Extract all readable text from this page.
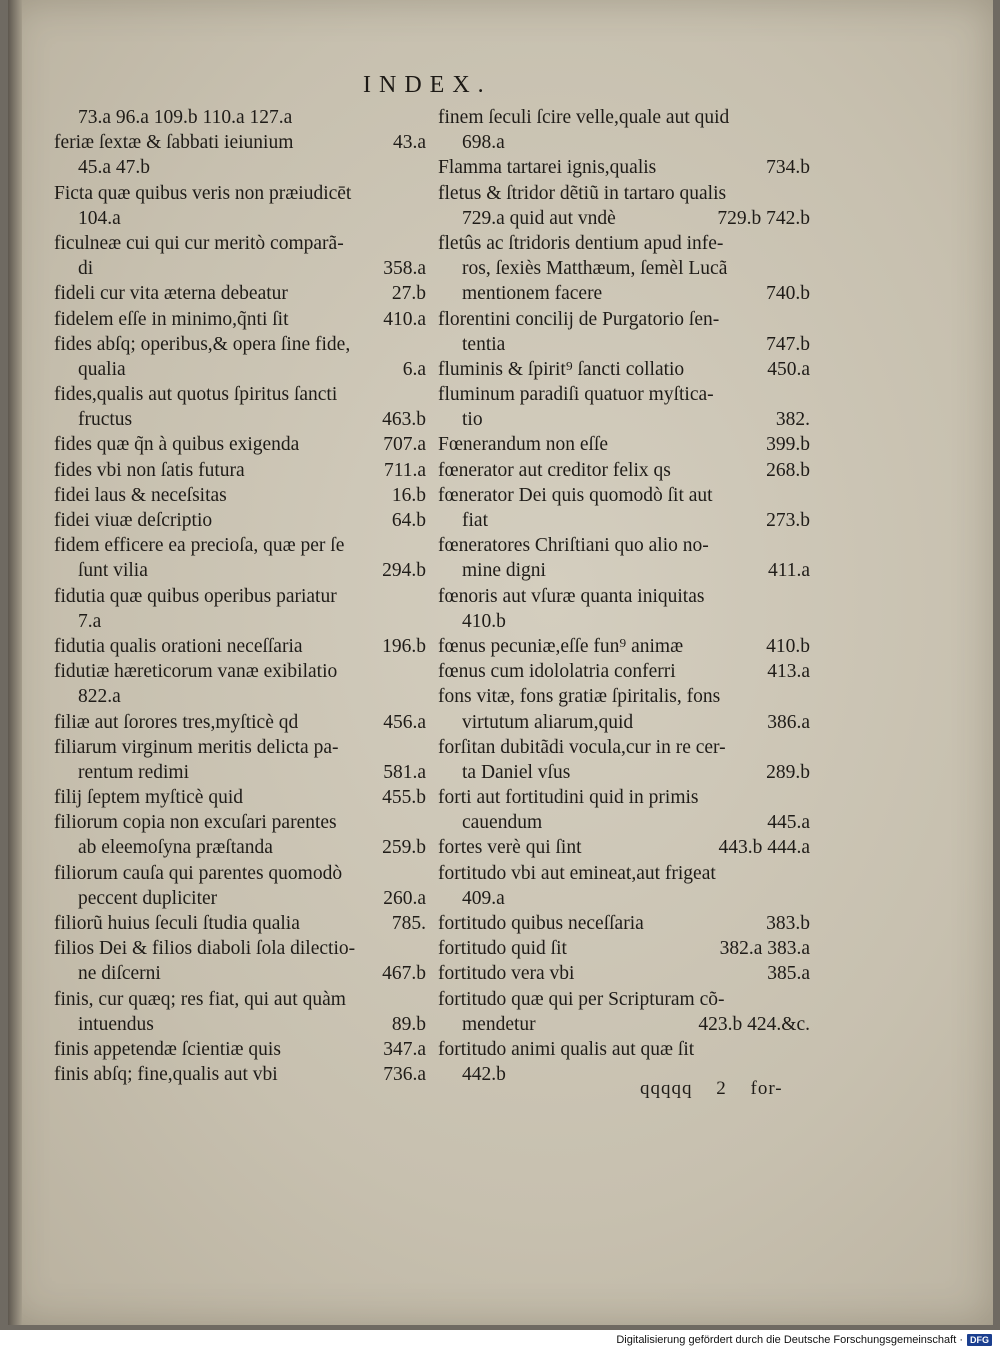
INDEX.
73.a 96.a 109.b 110.a 127.a
feriæ ſextæ & ſabbati ieiunium	43.a
45.a 47.b
Ficta quæ quibus veris non præiudicēt
104.a
ficulneæ cui qui cur meritò comparã-
di	358.a
fideli cur vita æterna debeatur	27.b
fidelem eſſe in minimo,q̃nti ſit	410.a
fides abſq; operibus,& opera ſine fide,
qualia	6.a
fides,qualis aut quotus ſpiritus ſancti
fructus	463.b
fides quæ q̃n à quibus exigenda	707.a
fides vbi non ſatis futura	711.a
fidei laus & neceſsitas	16.b
fidei viuæ deſcriptio	64.b
fidem efficere ea precioſa, quæ per ſe
ſunt vilia	294.b
fidutia quæ quibus operibus pariatur
7.a
fidutia qualis orationi neceſſaria	196.b
fidutiæ hæreticorum vanæ exibilatio
822.a
filiæ aut ſorores tres,myſticè qd	456.a
filiarum virginum meritis delicta pa-
rentum redimi	581.a
filij ſeptem myſticè quid	455.b
filiorum copia non excuſari parentes
ab eleemoſyna præſtanda	259.b
filiorum cauſa qui parentes quomodò
peccent dupliciter	260.a
filiorũ huius ſeculi ſtudia qualia	785.
filios Dei & filios diaboli ſola dilectio-
ne diſcerni	467.b
finis, cur quæq; res fiat, qui aut quàm
intuendus	89.b
finis appetendæ ſcientiæ quis	347.a
finis abſq; fine,qualis aut vbi	736.a
finem ſeculi ſcire velle,quale aut quid
698.a
Flamma tartarei ignis,qualis	734.b
fletus & ſtridor dẽtiũ in tartaro qualis
729.a quid aut vndè	729.b 742.b
fletûs ac ſtridoris dentium apud infe-
ros, ſexiès Matthæum, ſemèl Lucã
mentionem facere	740.b
florentini concilij de Purgatorio ſen-
tentia	747.b
fluminis & ſpirit⁹ ſancti collatio	450.a
fluminum paradiſi quatuor myſtica-
tio	382.
Fœnerandum non eſſe	399.b
fœnerator aut creditor felix qs	268.b
fœnerator Dei quis quomodò ſit aut
fiat	273.b
fœneratores Chriſtiani quo alio no-
mine digni	411.a
fœnoris aut vſuræ quanta iniquitas
410.b
fœnus pecuniæ,eſſe fun⁹ animæ	410.b
fœnus cum idololatria conferri	413.a
fons vitæ, fons gratiæ ſpiritalis, fons
virtutum aliarum,quid	386.a
forſitan dubitãdi vocula,cur in re cer-
ta Daniel vſus	289.b
forti aut fortitudini quid in primis
cauendum	445.a
fortes verè qui ſint	443.b 444.a
fortitudo vbi aut emineat,aut frigeat
409.a
fortitudo quibus neceſſaria	383.b
fortitudo quid ſit	382.a 383.a
fortitudo vera vbi	385.a
fortitudo quæ qui per Scripturam cõ-
mendetur	423.b 424.&c.
fortitudo animi qualis aut quæ ſit
442.b
qqqqq 2 for-
Digitalisierung gefördert durch die Deutsche Forschungsgemeinschaft · DFG
